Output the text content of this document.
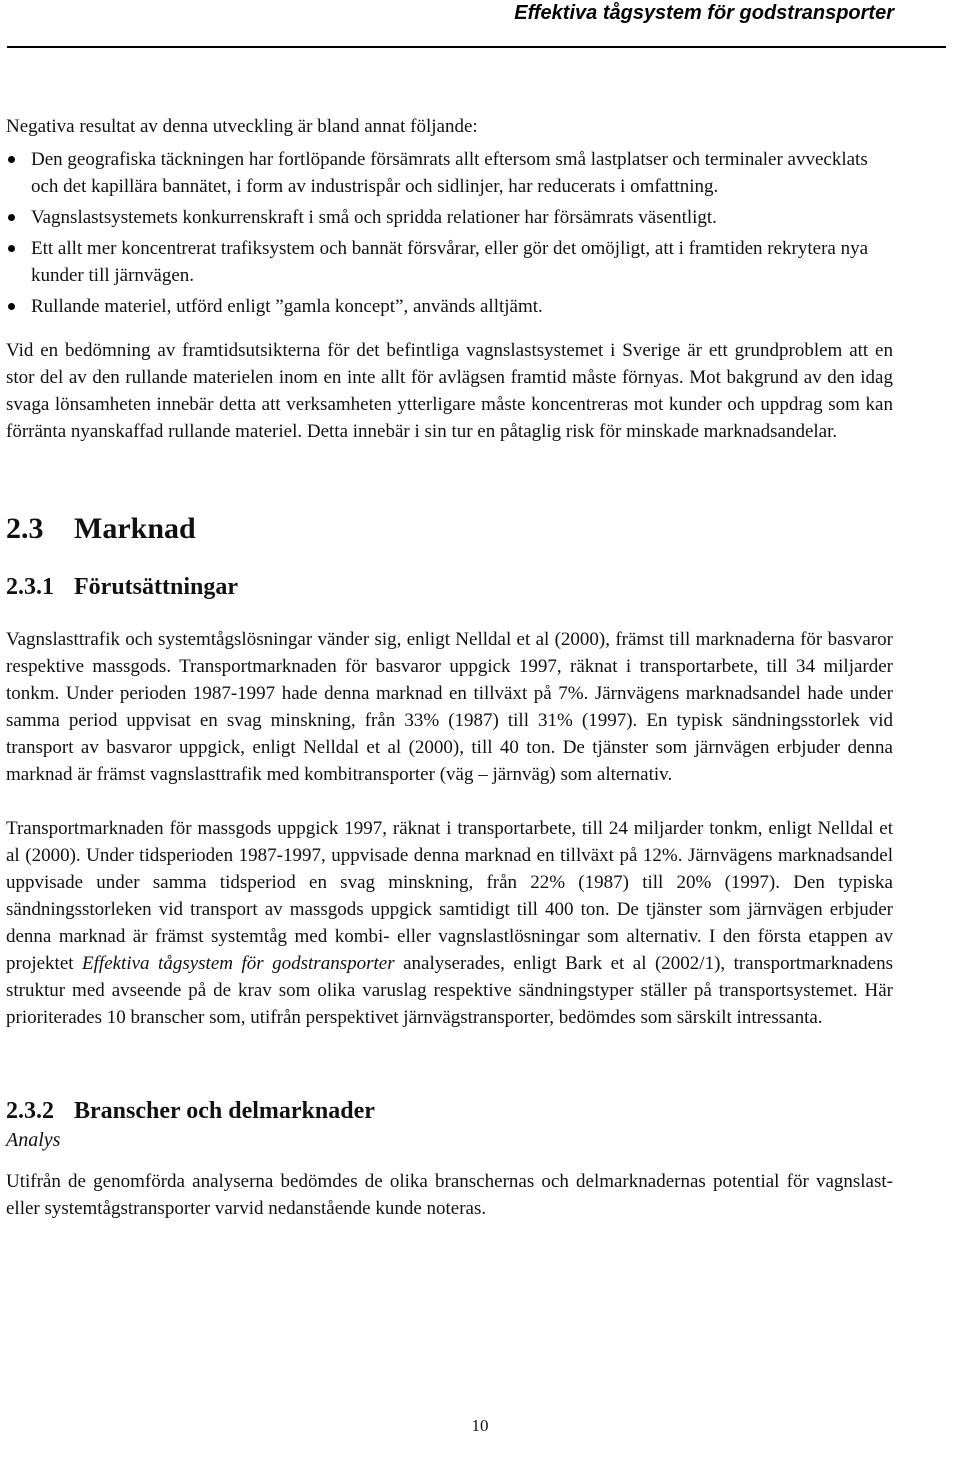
Effektiva tågsystem för godstransporter

Negativa resultat av denna utveckling är bland annat följande:

Den geografiska täckningen har fortlöpande försämrats allt eftersom små lastplatser och terminaler avvecklats och det kapillära bannätet, i form av industrispår och sidlinjer, har reducerats i omfattning.
Vagnslastsystemets konkurrenskraft i små och spridda relationer har försämrats väsentligt.
Ett allt mer koncentrerat trafiksystem och bannät försvårar, eller gör det omöjligt, att i framtiden rekrytera nya kunder till järnvägen.
Rullande materiel, utförd enligt ”gamla koncept”, används alltjämt.

Vid en bedömning av framtidsutsikterna för det befintliga vagnslastsystemet i Sverige är ett grundproblem att en stor del av den rullande materielen inom en inte allt för avlägsen framtid måste förnyas. Mot bakgrund av den idag svaga lönsamheten innebär detta att verksamheten ytterligare måste koncentreras mot kunder och uppdrag som kan förränta nyanskaffad rullande materiel. Detta innebär i sin tur en påtaglig risk för minskade marknadsandelar.

2.3 Marknad
2.3.1 Förutsättningar

Vagnslasttrafik och systemtågslösningar vänder sig, enligt Nelldal et al (2000), främst till marknaderna för basvaror respektive massgods. Transportmarknaden för basvaror uppgick 1997, räknat i transportarbete, till 34 miljarder tonkm. Under perioden 1987-1997 hade denna marknad en tillväxt på 7%. Järnvägens marknadsandel hade under samma period uppvisat en svag minskning, från 33% (1987) till 31% (1997). En typisk sändningsstorlek vid transport av basvaror uppgick, enligt Nelldal et al (2000), till 40 ton. De tjänster som järnvägen erbjuder denna marknad är främst vagnslasttrafik med kombitransporter (väg – järnväg) som alternativ.

Transportmarknaden för massgods uppgick 1997, räknat i transportarbete, till 24 miljarder tonkm, enligt Nelldal et al (2000). Under tidsperioden 1987-1997, uppvisade denna marknad en tillväxt på 12%. Järnvägens marknadsandel uppvisade under samma tidsperiod en svag minskning, från 22% (1987) till 20% (1997). Den typiska sändningsstorleken vid transport av massgods uppgick samtidigt till 400 ton. De tjänster som järnvägen erbjuder denna marknad är främst systemtåg med kombi- eller vagnslastlösningar som alternativ. I den första etappen av projektet Effektiva tågsystem för godstransporter analyserades, enligt Bark et al (2002/1), transportmarknadens struktur med avseende på de krav som olika varuslag respektive sändningstyper ställer på transportsystemet. Här prioriterades 10 branscher som, utifrån perspektivet järnvägstransporter, bedömdes som särskilt intressanta.

2.3.2 Branscher och delmarknader

Analys

Utifrån de genomförda analyserna bedömdes de olika branschernas och delmarknadernas potential för vagnslast- eller systemtågstransporter varvid nedanstående kunde noteras.

10
